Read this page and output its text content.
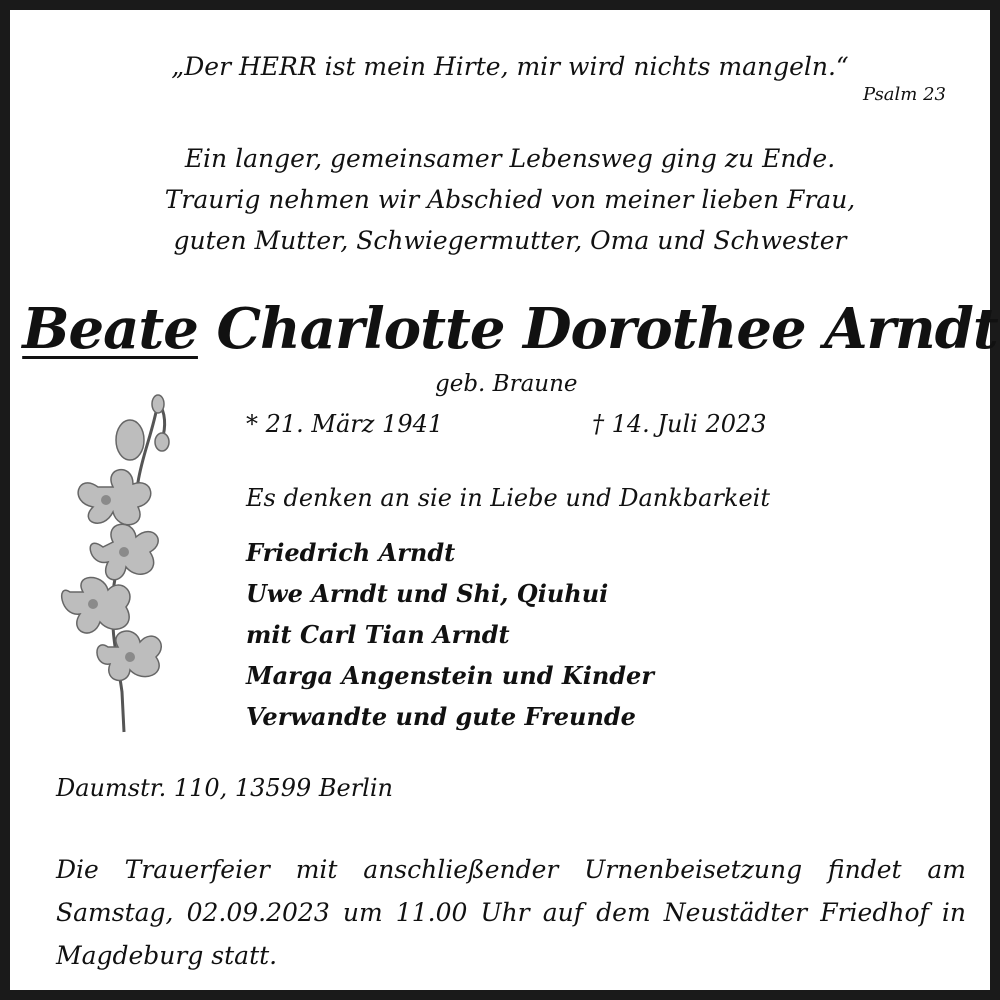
„Der HERR ist mein Hirte, mir wird nichts mangeln.“
Psalm 23
Ein langer, gemeinsamer Lebensweg ging zu Ende.
Traurig nehmen wir Abschied von meiner lieben Frau,
guten Mutter, Schwiegermutter, Oma und Schwester
Beate Charlotte Dorothee Arndt
geb. Braune
* 21. März 1941	† 14. Juli 2023
Es denken an sie in Liebe und Dankbarkeit
Friedrich Arndt
Uwe Arndt und Shi, Qiuhui
mit Carl Tian Arndt
Marga Angenstein und Kinder
Verwandte und gute Freunde
Daumstr. 110, 13599 Berlin
Die Trauerfeier mit anschließender Urnenbeisetzung findet am Samstag, 02.09.2023 um 11.00 Uhr auf dem Neustädter Friedhof in Magdeburg statt.
